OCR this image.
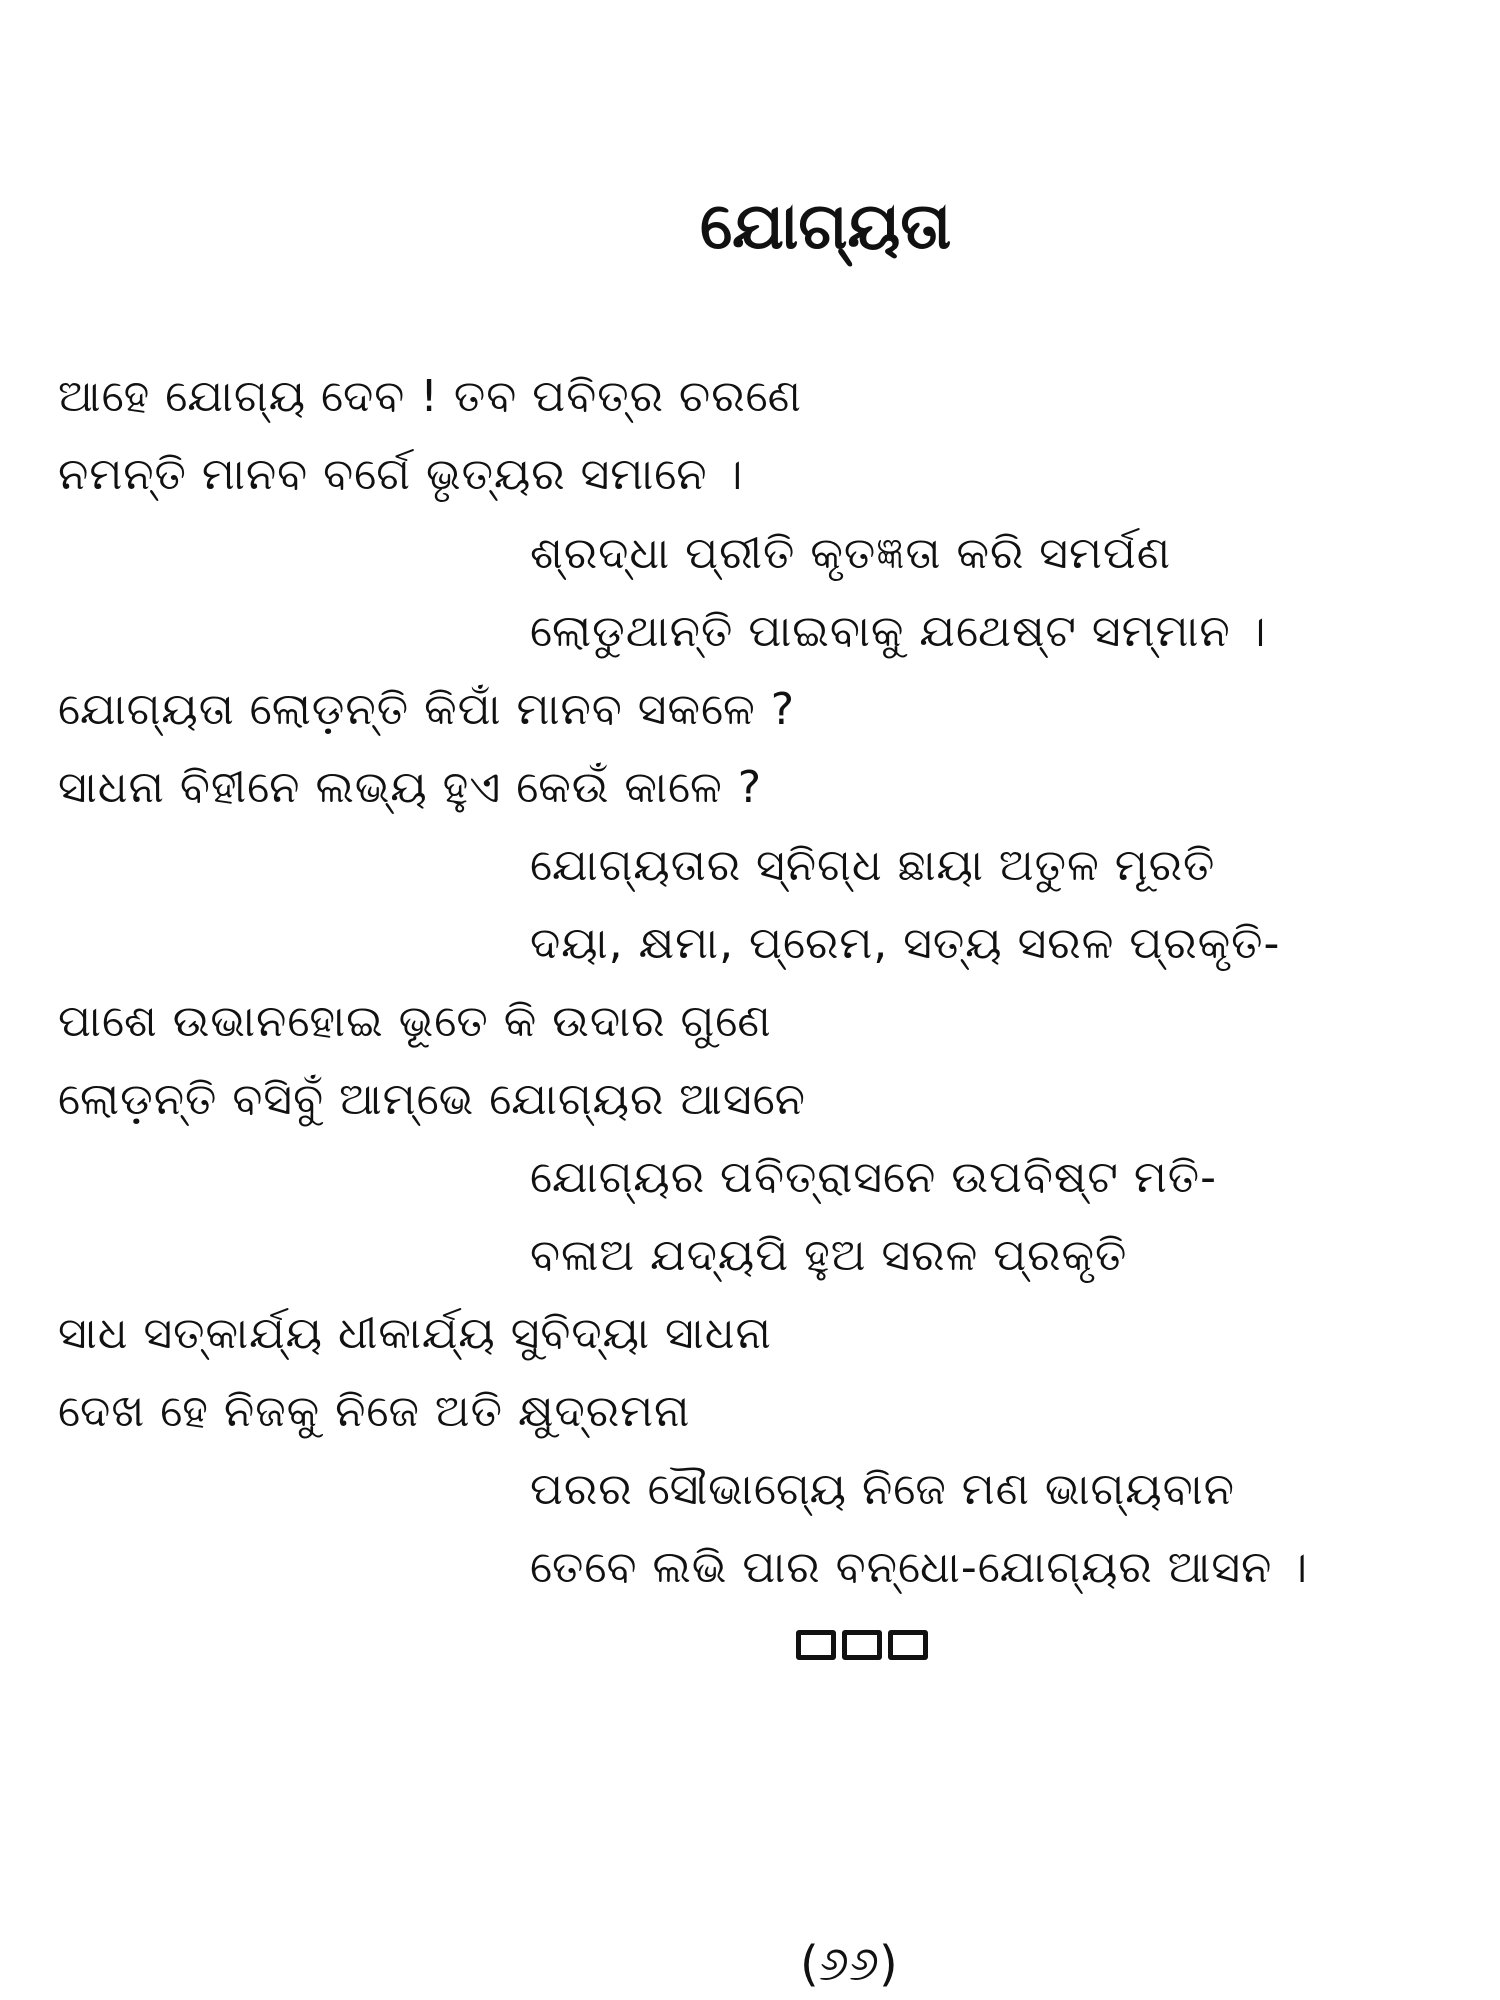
ଯୋଗ୍ୟତା
ଆହେ ଯୋଗ୍ୟ ଦେବ ! ତବ ପବିତ୍ର ଚରଣେ
ନମନ୍ତି ମାନବ ବର୍ଗେ ଭୃତ୍ୟର ସମାନେ ।
ଶ୍ରଦ୍ଧା ପ୍ରୀତି କୃତଜ୍ଞତା କରି ସମର୍ପଣ
ଲୋଡୁଥାନ୍ତି ପାଇବାକୁ ଯଥେଷ୍ଟ ସମ୍ମାନ ।
ଯୋଗ୍ୟତା ଲୋଡ଼ନ୍ତି କିପାଁ ମାନବ ସକଳେ ?
ସାଧନା ବିହୀନେ ଲଭ୍ୟ ହୁଏ କେଉଁ କାଳେ ?
ଯୋଗ୍ୟତାର ସ୍ନିଗ୍ଧ ଛାୟା ଅତୁଳ ମୂରତି
ଦୟା, କ୍ଷମା, ପ୍ରେମ, ସତ୍ୟ ସରଳ ପ୍ରକୃତି-
ପାଶେ ଉଭାନହୋଇ ଭୂତେ କି ଉଦାର ଗୁଣେ
ଲୋଡ଼ନ୍ତି ବସିବୁଁ ଆମ୍ଭେ ଯୋଗ୍ୟର ଆସନେ
ଯୋଗ୍ୟର ପବିତ୍ରାସନେ ଉପବିଷ୍ଟ ମତି-
ବଳାଅ ଯଦ୍ୟପି ହୁଅ ସରଳ ପ୍ରକୃତି
ସାଧ ସତ୍କାର୍ଯ୍ୟ ଧୀକାର୍ଯ୍ୟ ସୁବିଦ୍ୟା ସାଧନା
ଦେଖ ହେ ନିଜକୁ ନିଜେ ଅତି କ୍ଷୁଦ୍ରମନା
ପରର ସୌଭାଗ୍ୟେ ନିଜେ ମଣ ଭାଗ୍ୟବାନ
ତେବେ ଲଭି ପାର ବନ୍ଧୋ-ଯୋଗ୍ୟର ଆସନ ।
(୬୬)
